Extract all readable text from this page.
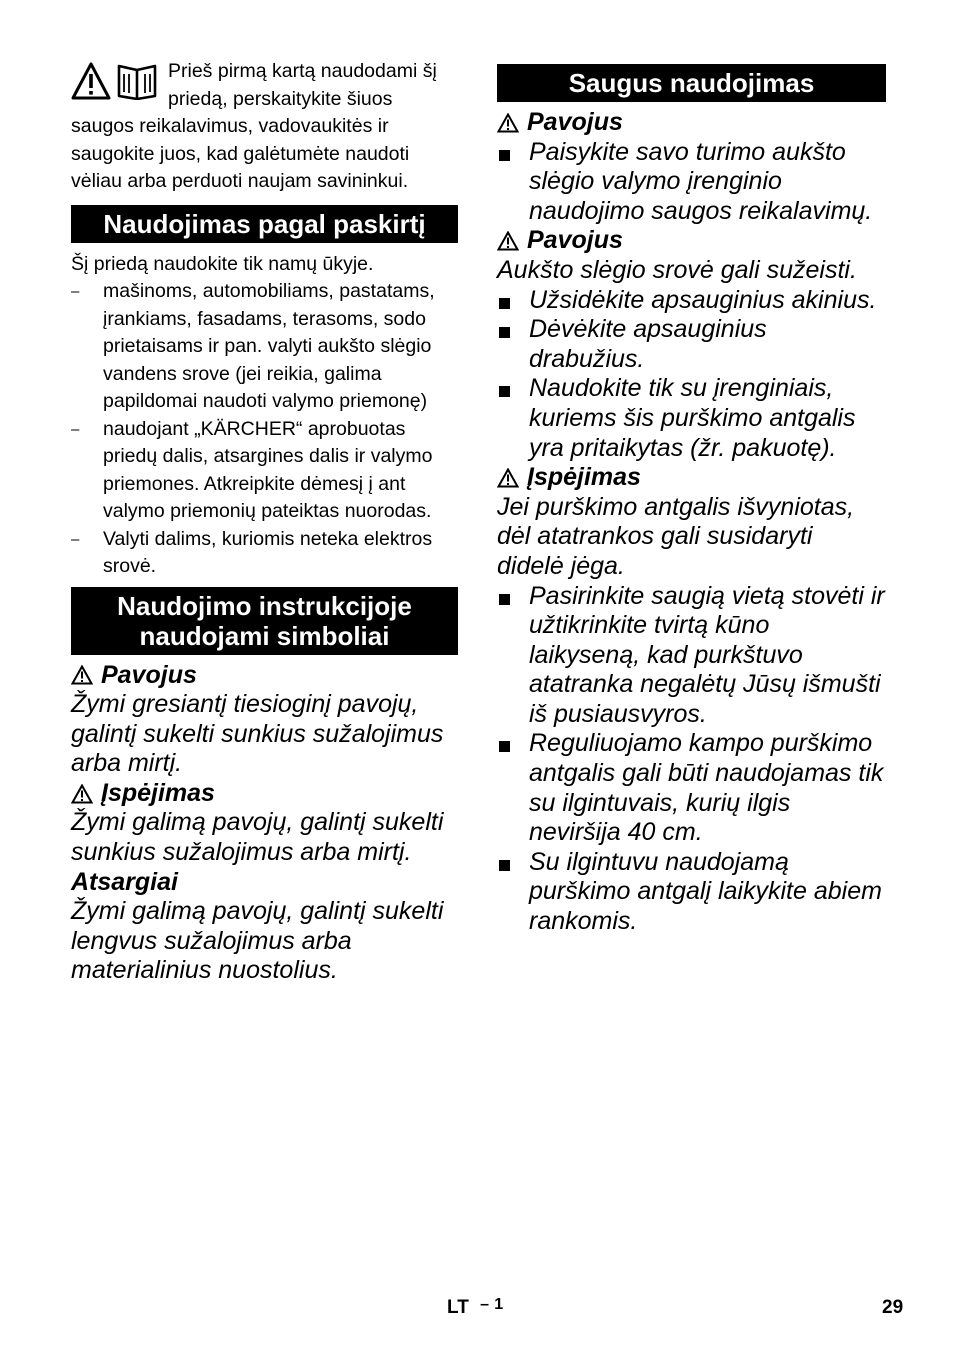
Prieš pirmą kartą naudodami šį priedą, perskaitykite šiuos
saugos reikalavimus, vadovaukitės ir saugokite juos, kad galėtumėte naudoti vėliau arba perduoti naujam savininkui.
Naudojimas pagal paskirtį
Šį priedą naudokite tik namų ūkyje.
– mašinoms, automobiliams, pastatams, įrankiams, fasadams, terasoms, sodo prietaisams ir pan. valyti aukšto slėgio vandens srove (jei reikia, galima papildomai naudoti valymo priemonę)
– naudojant „KÄRCHER“ aprobuotas priedų dalis, atsargines dalis ir valymo priemones. Atkreipkite dėmesį į ant valymo priemonių pateiktas nuorodas.
– Valyti dalims, kuriomis neteka elektros srovė.
Naudojimo instrukcijoje
naudojami simboliai
Pavojus
Žymi gresiantį tiesioginį pavojų, galintį sukelti sunkius sužalojimus arba mirtį.
Įspėjimas
Žymi galimą pavojų, galintį sukelti sunkius sužalojimus arba mirtį.
Atsargiai
Žymi galimą pavojų, galintį sukelti lengvus sužalojimus arba materialinius nuostolius.
Saugus naudojimas
Pavojus
Paisykite savo turimo aukšto slėgio valymo įrenginio naudojimo saugos reikalavimų.
Pavojus
Aukšto slėgio srovė gali sužeisti.
Užsidėkite apsauginius akinius.
Dėvėkite apsauginius drabužius.
Naudokite tik su įrenginiais, kuriems šis purškimo antgalis yra pritaikytas (žr. pakuotę).
Įspėjimas
Jei purškimo antgalis išvyniotas, dėl atatrankos gali susidaryti didelė jėga.
Pasirinkite saugią vietą stovėti ir užtikrinkite tvirtą kūno laikyseną, kad purkštuvo atatranka negalėtų Jūsų išmušti iš pusiausvyros.
Reguliuojamo kampo purškimo antgalis gali būti naudojamas tik su ilgintuvais, kurių ilgis neviršija 40 cm.
Su ilgintuvu naudojamą purškimo antgalį laikykite abiem rankomis.
LT – $^1$	29
